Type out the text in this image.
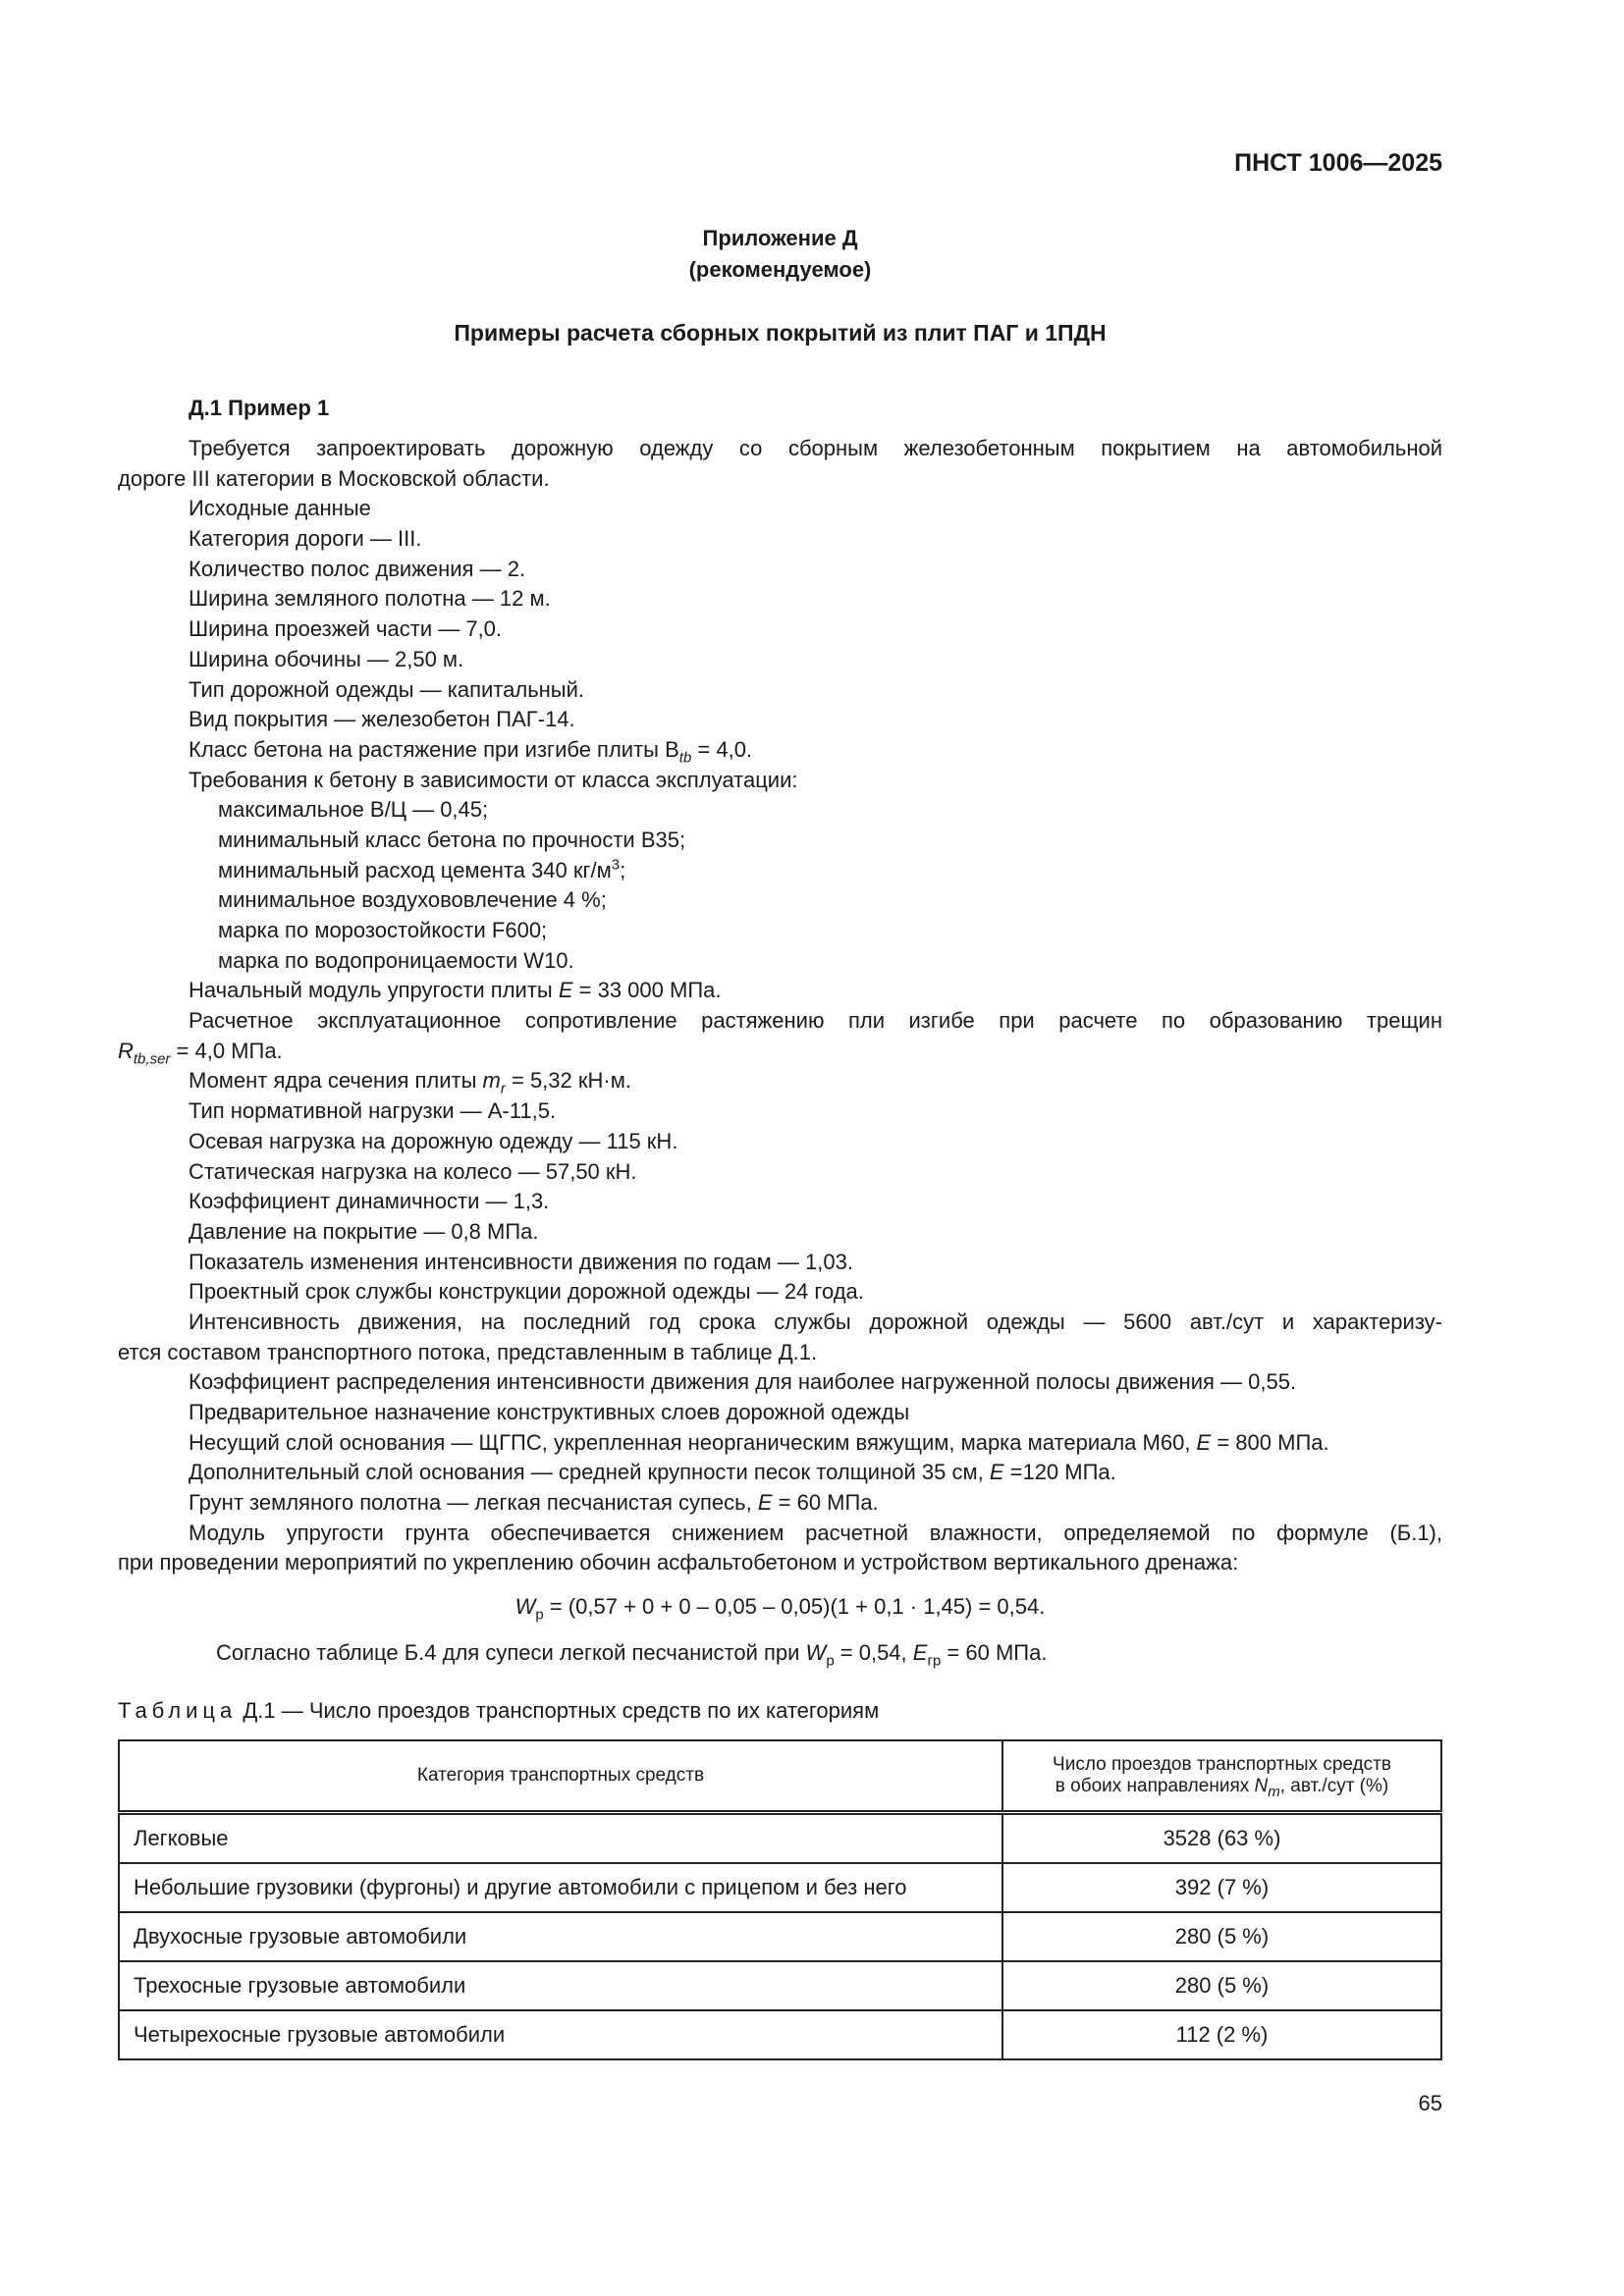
ПНСТ 1006—2025
Приложение Д
(рекомендуемое)
Примеры расчета сборных покрытий из плит ПАГ и 1ПДН
Д.1 Пример 1
Требуется запроектировать дорожную одежду со сборным железобетонным покрытием на автомобильной
дороге III категории в Московской области.
Исходные данные
Категория дороги — III.
Количество полос движения — 2.
Ширина земляного полотна — 12 м.
Ширина проезжей части — 7,0.
Ширина обочины — 2,50 м.
Тип дорожной одежды — капитальный.
Вид покрытия — железобетон ПАГ-14.
Класс бетона на растяжение при изгибе плиты $B_{tb} = 4,0$.
Требования к бетону в зависимости от класса эксплуатации:
максимальное В/Ц — 0,45;
минимальный класс бетона по прочности В35;
минимальный расход цемента 340 $кг/м^3$;
минимальное воздухововлечение 4 %;
марка по морозостойкости F600;
марка по водопроницаемости W10.
Начальный модуль упругости плиты E = 33 000 МПа.
Расчетное эксплуатационное сопротивление растяжению пли изгибе при расчете по образованию трещин
$R_{tb,ser} = 4,0$ МПа.
Момент ядра сечения плиты $m_r = 5,32$ кН·м.
Тип нормативной нагрузки — А-11,5.
Осевая нагрузка на дорожную одежду — 115 кН.
Статическая нагрузка на колесо — 57,50 кН.
Коэффициент динамичности — 1,3.
Давление на покрытие — 0,8 МПа.
Показатель изменения интенсивности движения по годам — 1,03.
Проектный срок службы конструкции дорожной одежды — 24 года.
Интенсивность движения, на последний год срока службы дорожной одежды — 5600 авт./сут и характеризу-
ется составом транспортного потока, представленным в таблице Д.1.
Коэффициент распределения интенсивности движения для наиболее нагруженной полосы движения — 0,55.
Предварительное назначение конструктивных слоев дорожной одежды
Несущий слой основания — ЩГПС, укрепленная неорганическим вяжущим, марка материала М60, E = 800 МПа.
Дополнительный слой основания — средней крупности песок толщиной 35 см, E =120 МПа.
Грунт земляного полотна — легкая песчанистая супесь, E = 60 МПа.
Модуль упругости грунта обеспечивается снижением расчетной влажности, определяемой по формуле (Б.1),
при проведении мероприятий по укреплению обочин асфальтобетоном и устройством вертикального дренажа:
$W_p = (0,57 + 0 + 0 - 0,05 - 0,05)(1 + 0,1 \cdot 1,45) = 0,54$.
Согласно таблице Б.4 для супеси легкой песчанистой при $W_p = 0,54$, $E_{гр} = 60$ МПа.
Таблица Д.1 — Число проездов транспортных средств по их категориям
Категория транспортных средств	Число проездов транспортных средств
в обоих направлениях $N_m$, авт./сут (%)
Легковые	3528 (63 %)
Небольшие грузовики (фургоны) и другие автомобили с прицепом и без него	392 (7 %)
Двухосные грузовые автомобили	280 (5 %)
Трехосные грузовые автомобили	280 (5 %)
Четырехосные грузовые автомобили	112 (2 %)
65
